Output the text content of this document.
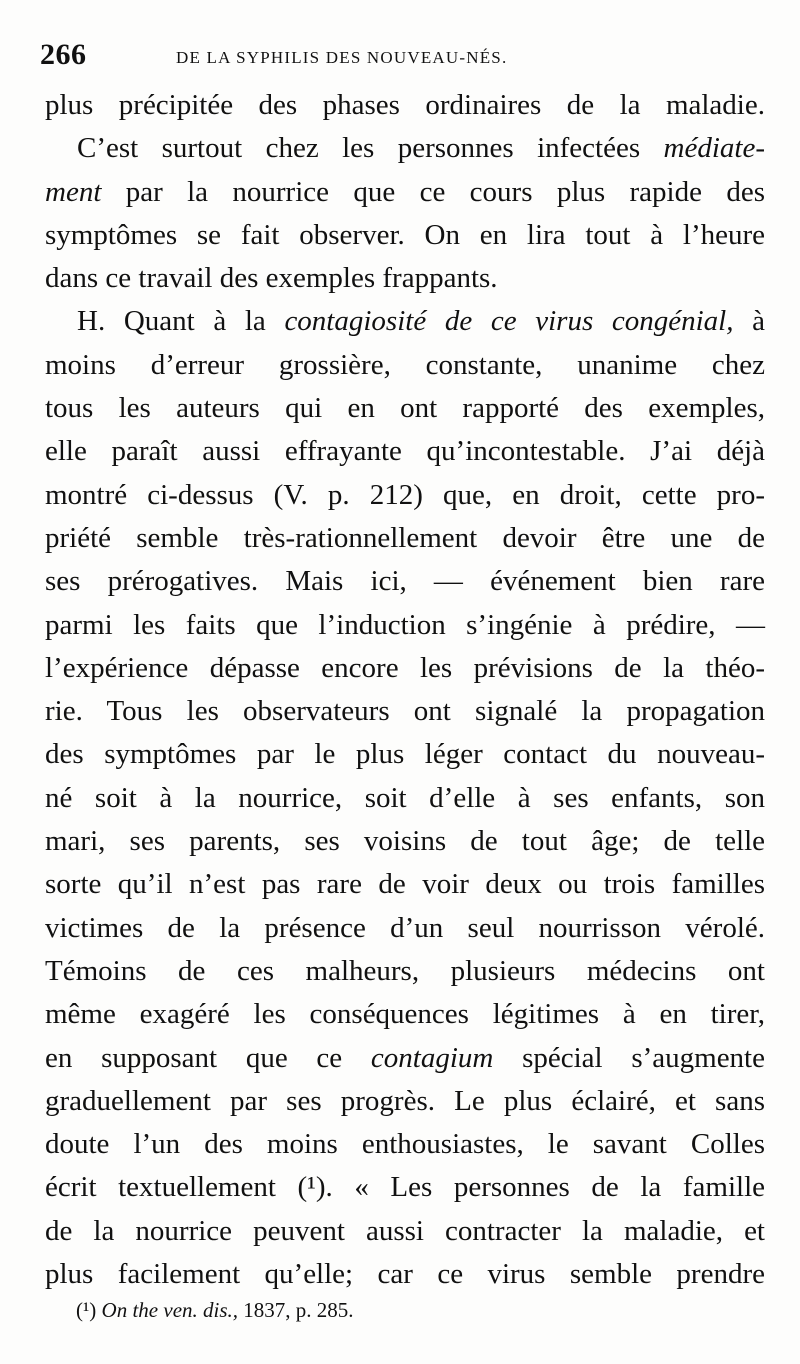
266	DE LA SYPHILIS DES NOUVEAU-NÉS.
plus précipitée des phases ordinaires de la maladie.
C’est surtout chez les personnes infectées médiate-
ment par la nourrice que ce cours plus rapide des
symptômes se fait observer. On en lira tout à l’heure
dans ce travail des exemples frappants.
H. Quant à la contagiosité de ce virus congénial, à
moins d’erreur grossière, constante, unanime chez
tous les auteurs qui en ont rapporté des exemples,
elle paraît aussi effrayante qu’incontestable. J’ai déjà
montré ci-dessus (V. p. 212) que, en droit, cette pro-
priété semble très-rationnellement devoir être une de
ses prérogatives. Mais ici, — événement bien rare
parmi les faits que l’induction s’ingénie à prédire, —
l’expérience dépasse encore les prévisions de la théo-
rie. Tous les observateurs ont signalé la propagation
des symptômes par le plus léger contact du nouveau-
né soit à la nourrice, soit d’elle à ses enfants, son
mari, ses parents, ses voisins de tout âge; de telle
sorte qu’il n’est pas rare de voir deux ou trois familles
victimes de la présence d’un seul nourrisson vérolé.
Témoins de ces malheurs, plusieurs médecins ont
même exagéré les conséquences légitimes à en tirer,
en supposant que ce contagium spécial s’augmente
graduellement par ses progrès. Le plus éclairé, et sans
doute l’un des moins enthousiastes, le savant Colles
écrit textuellement (¹). « Les personnes de la famille
de la nourrice peuvent aussi contracter la maladie, et
plus facilement qu’elle; car ce virus semble prendre
(¹) On the ven. dis., 1837, p. 285.
